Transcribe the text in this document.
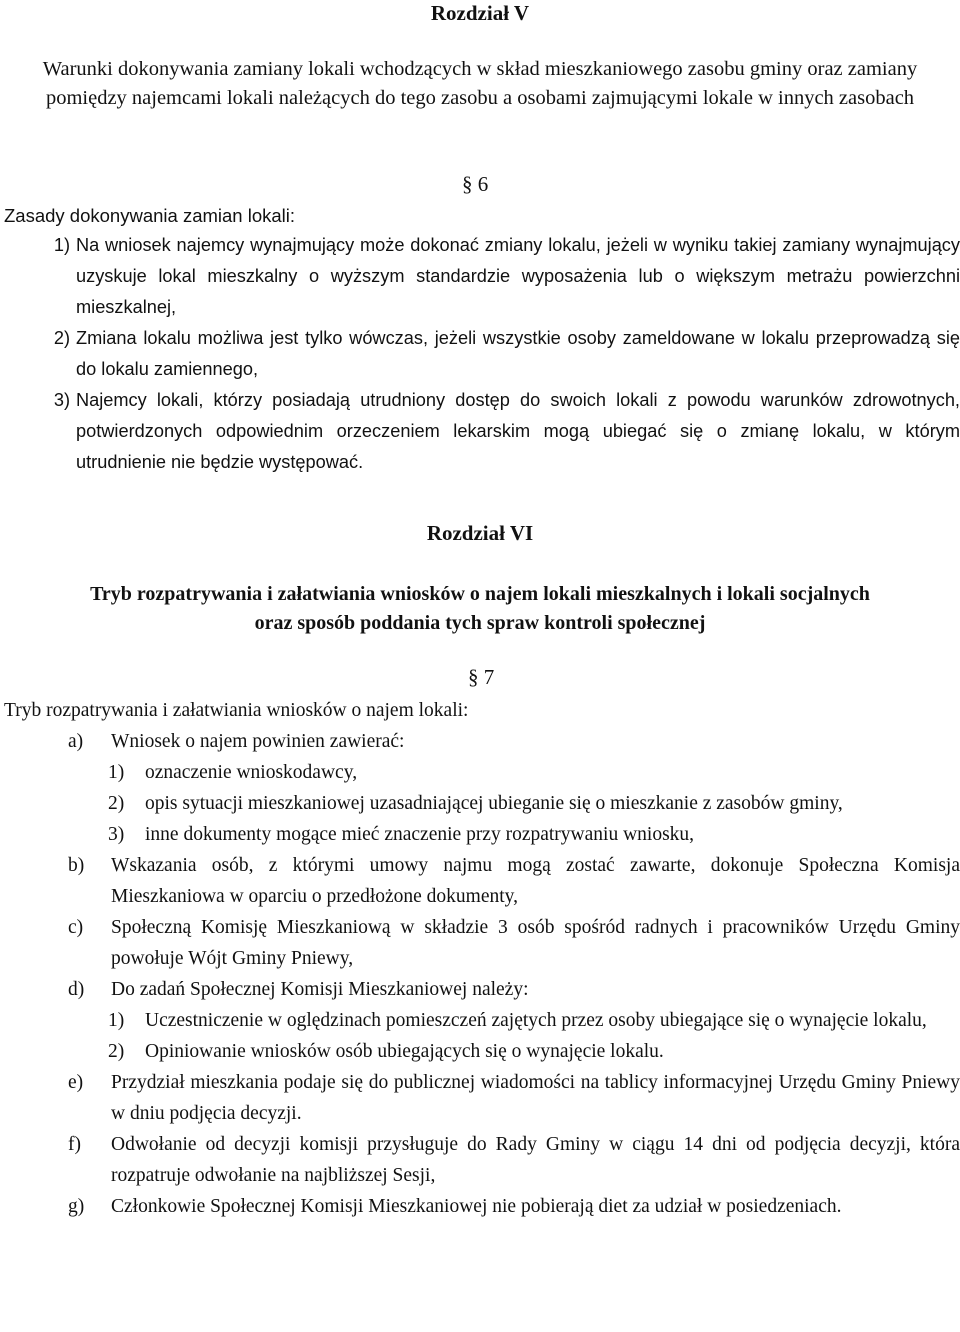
Rozdział V
Warunki dokonywania zamiany lokali wchodzących w skład mieszkaniowego zasobu gminy oraz zamiany pomiędzy najemcami lokali należących do tego zasobu a osobami zajmującymi lokale w innych zasobach
§ 6
Zasady dokonywania zamian lokali:
1) Na wniosek najemcy wynajmujący może dokonać zmiany lokalu, jeżeli w wyniku takiej zamiany wynajmujący uzyskuje lokal mieszkalny o wyższym standardzie wyposażenia lub o większym metrażu powierzchni mieszkalnej,
2) Zmiana lokalu możliwa jest tylko wówczas, jeżeli wszystkie osoby zameldowane w lokalu przeprowadzą się do lokalu zamiennego,
3) Najemcy lokali, którzy posiadają utrudniony dostęp do swoich lokali z powodu warunków zdrowotnych, potwierdzonych odpowiednim orzeczeniem lekarskim mogą ubiegać się o zmianę lokalu, w którym utrudnienie nie będzie występować.
Rozdział VI
Tryb rozpatrywania i załatwiania wniosków o najem lokali mieszkalnych i lokali socjalnych
oraz sposób poddania tych spraw kontroli społecznej
§ 7
Tryb rozpatrywania i załatwiania wniosków o najem lokali:
a)	Wniosek o najem powinien zawierać:
1)	oznaczenie wnioskodawcy,
2)	opis sytuacji mieszkaniowej uzasadniającej ubieganie się o mieszkanie z zasobów gminy,
3)	inne dokumenty mogące mieć znaczenie przy rozpatrywaniu wniosku,
b)	Wskazania osób, z którymi umowy najmu mogą zostać zawarte, dokonuje Społeczna Komisja Mieszkaniowa w oparciu o przedłożone dokumenty,
c)	Społeczną Komisję Mieszkaniową w składzie 3 osób spośród radnych i pracowników Urzędu Gminy powołuje Wójt Gminy Pniewy,
d)	Do zadań Społecznej Komisji Mieszkaniowej należy:
1)	Uczestniczenie w oględzinach pomieszczeń zajętych przez osoby ubiegające się o wynajęcie lokalu,
2)	Opiniowanie wniosków osób ubiegających się o wynajęcie lokalu.
e)	Przydział mieszkania podaje się do publicznej wiadomości na tablicy informacyjnej Urzędu Gminy Pniewy w dniu podjęcia decyzji.
f)	Odwołanie od decyzji komisji przysługuje do Rady Gminy w ciągu 14 dni od podjęcia decyzji, która rozpatruje odwołanie na najbliższej Sesji,
g)	Członkowie Społecznej Komisji Mieszkaniowej nie pobierają diet za udział w posiedzeniach.
